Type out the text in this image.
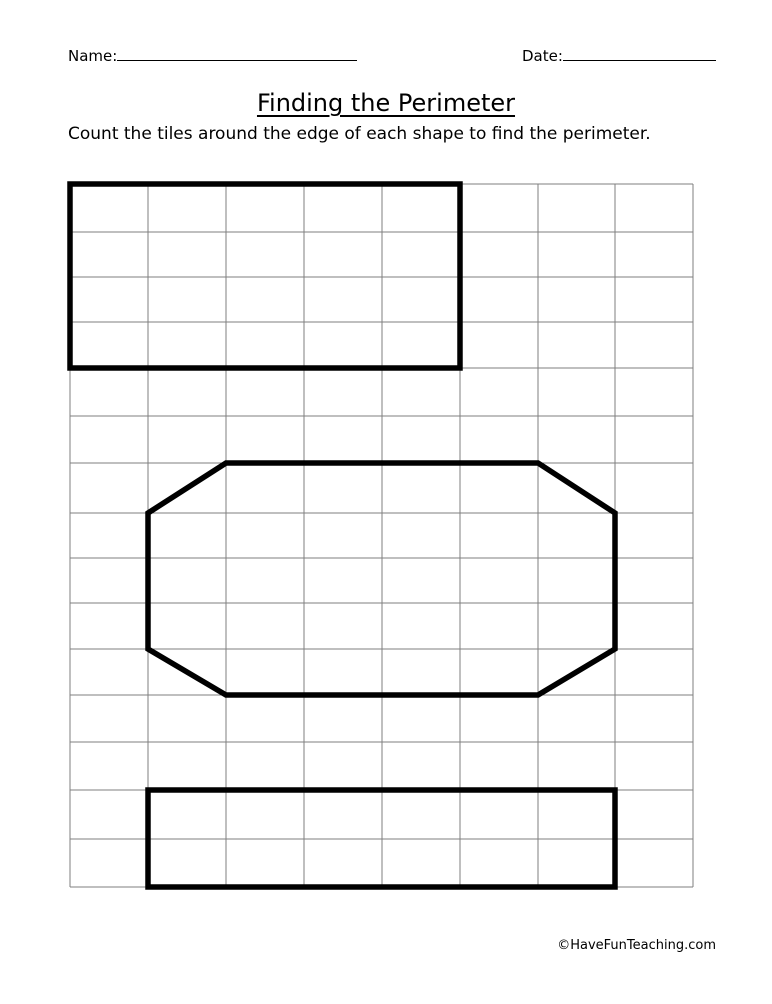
Name:	Date:
Finding the Perimeter
Count the tiles around the edge of each shape to find the perimeter.
©HaveFunTeaching.com
